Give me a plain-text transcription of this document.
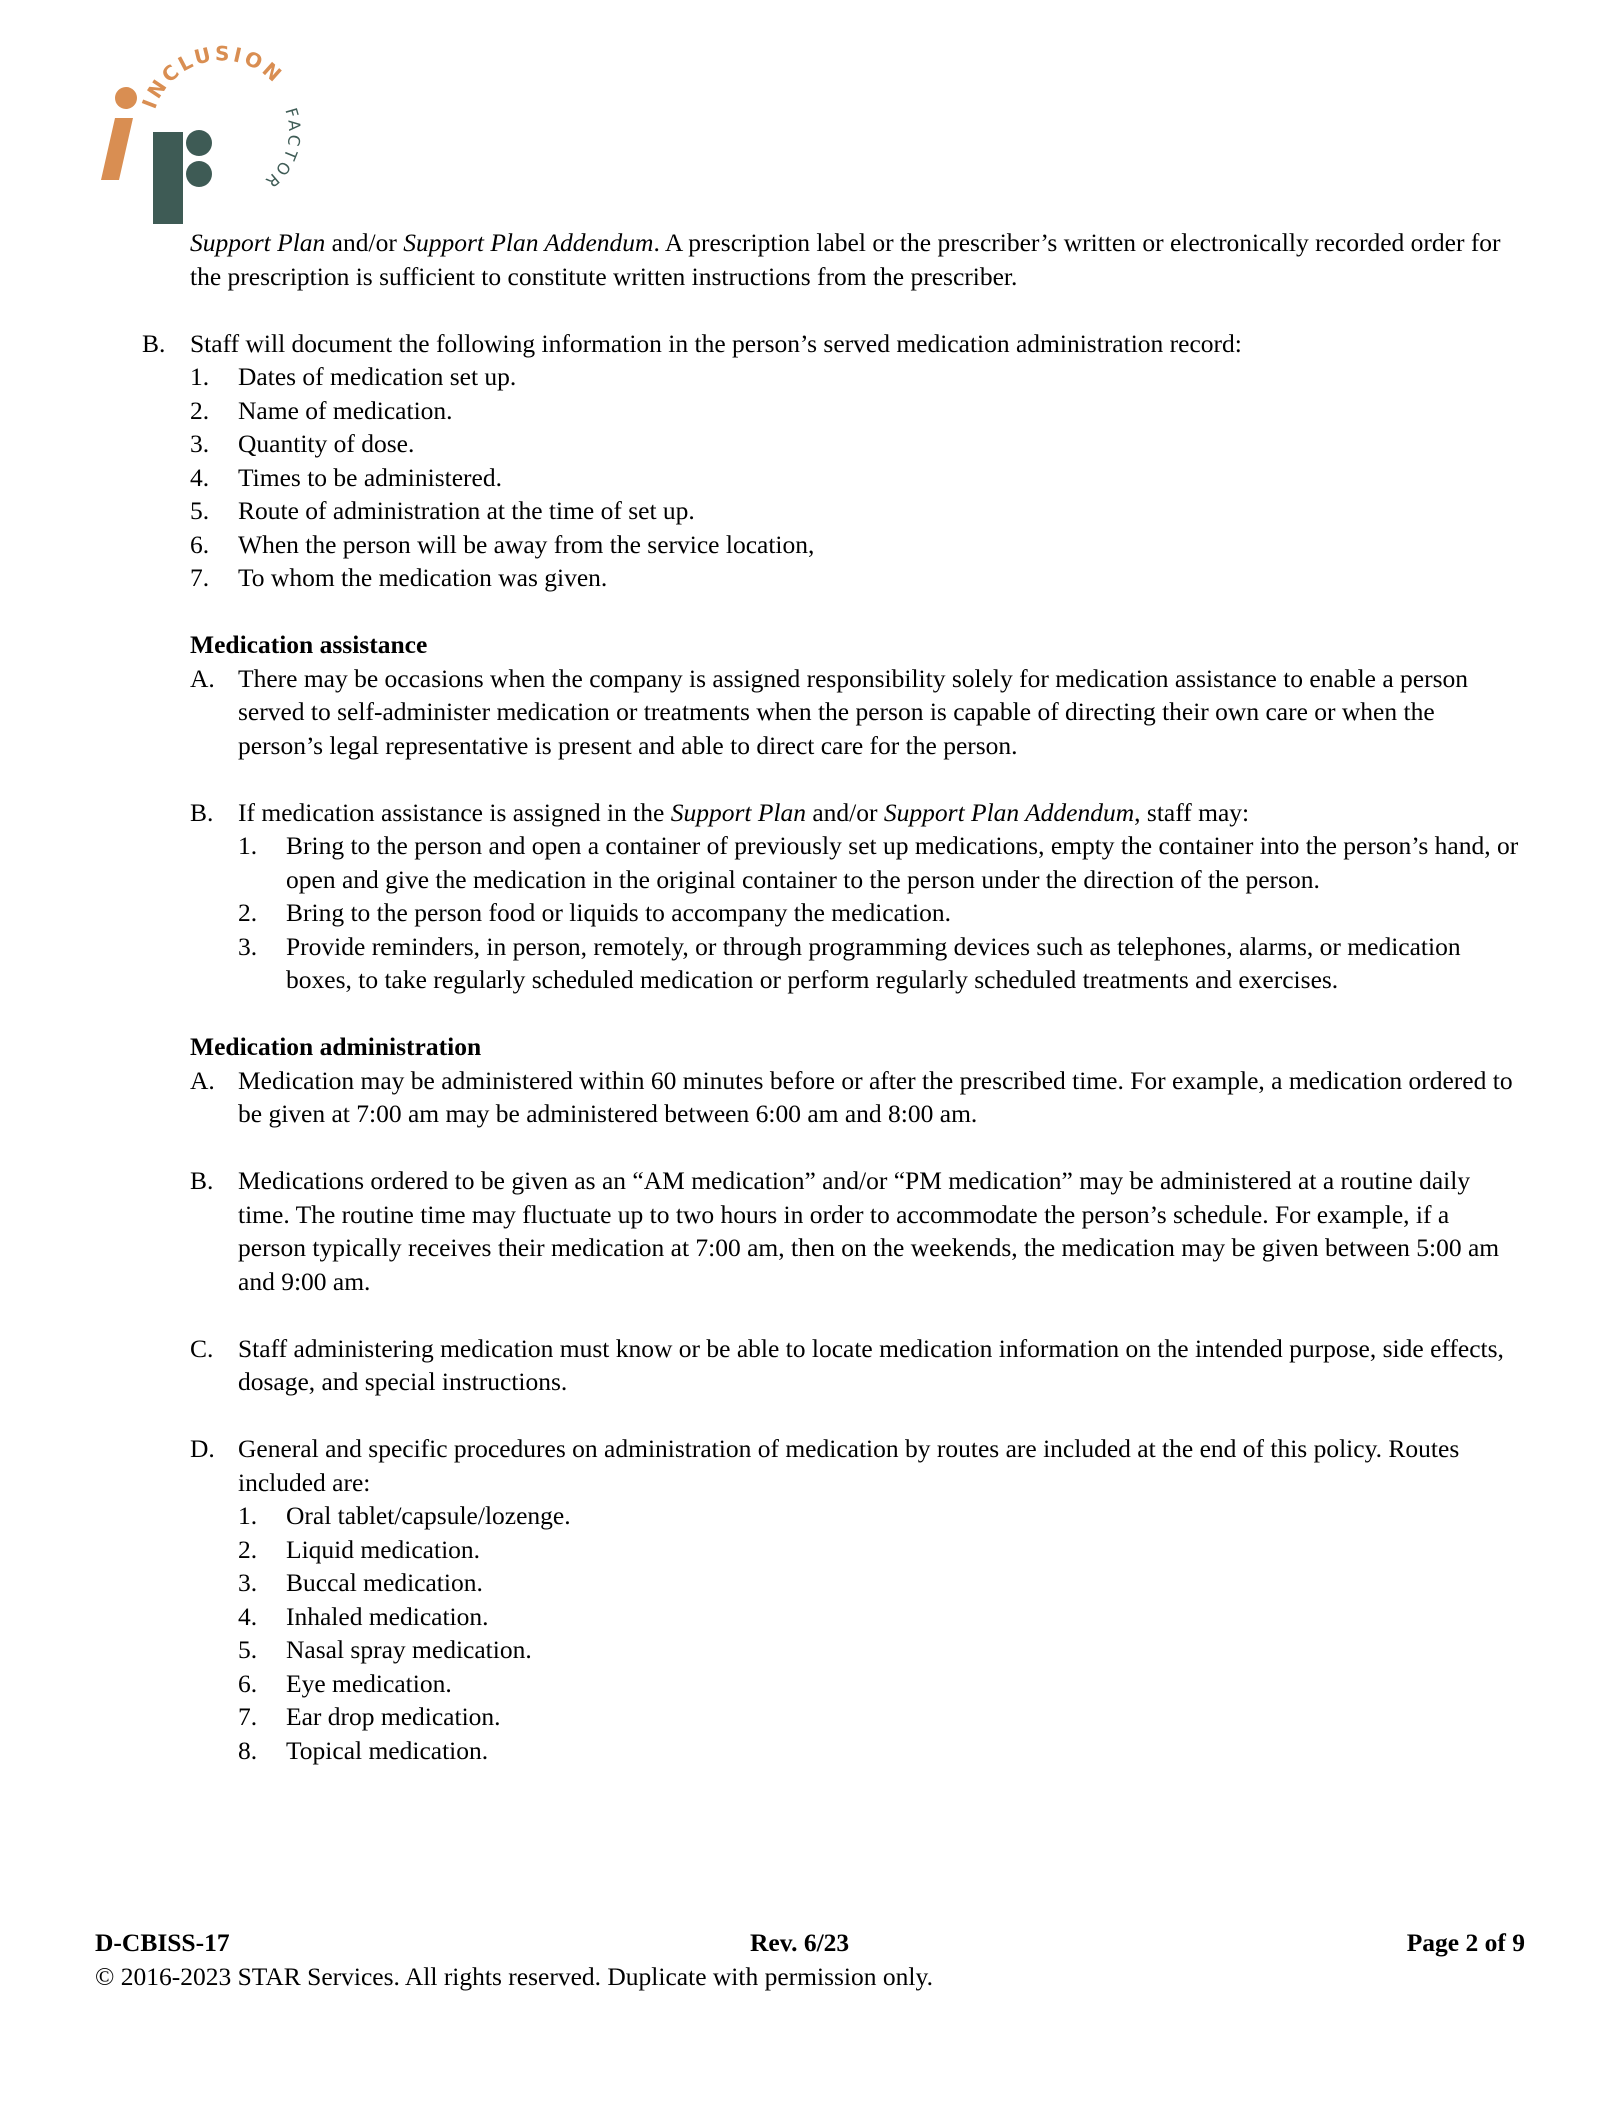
INCLUSION
FACTOR

Support Plan and/or Support Plan Addendum. A prescription label or the prescriber’s written or electronically recorded order for the prescription is sufficient to constitute written instructions from the prescriber.

B. Staff will document the following information in the person’s served medication administration record:
1. Dates of medication set up.
2. Name of medication.
3. Quantity of dose.
4. Times to be administered.
5. Route of administration at the time of set up.
6. When the person will be away from the service location,
7. To whom the medication was given.
Medication assistance
A. There may be occasions when the company is assigned responsibility solely for medication assistance to enable a person served to self-administer medication or treatments when the person is capable of directing their own care or when the person’s legal representative is present and able to direct care for the person.
B. If medication assistance is assigned in the Support Plan and/or Support Plan Addendum, staff may:
1. Bring to the person and open a container of previously set up medications, empty the container into the person’s hand, or open and give the medication in the original container to the person under the direction of the person.
2. Bring to the person food or liquids to accompany the medication.
3. Provide reminders, in person, remotely, or through programming devices such as telephones, alarms, or medication boxes, to take regularly scheduled medication or perform regularly scheduled treatments and exercises.
Medication administration
A. Medication may be administered within 60 minutes before or after the prescribed time. For example, a medication ordered to be given at 7:00 am may be administered between 6:00 am and 8:00 am.
B. Medications ordered to be given as an “AM medication” and/or “PM medication” may be administered at a routine daily time. The routine time may fluctuate up to two hours in order to accommodate the person’s schedule. For example, if a person typically receives their medication at 7:00 am, then on the weekends, the medication may be given between 5:00 am and 9:00 am.
C. Staff administering medication must know or be able to locate medication information on the intended purpose, side effects, dosage, and special instructions.
D. General and specific procedures on administration of medication by routes are included at the end of this policy. Routes included are:
1. Oral tablet/capsule/lozenge.
2. Liquid medication.
3. Buccal medication.
4. Inhaled medication.
5. Nasal spray medication.
6. Eye medication.
7. Ear drop medication.
8. Topical medication.
D-CBISS-17	Rev. 6/23	Page 2 of 9
© 2016-2023 STAR Services. All rights reserved. Duplicate with permission only.
